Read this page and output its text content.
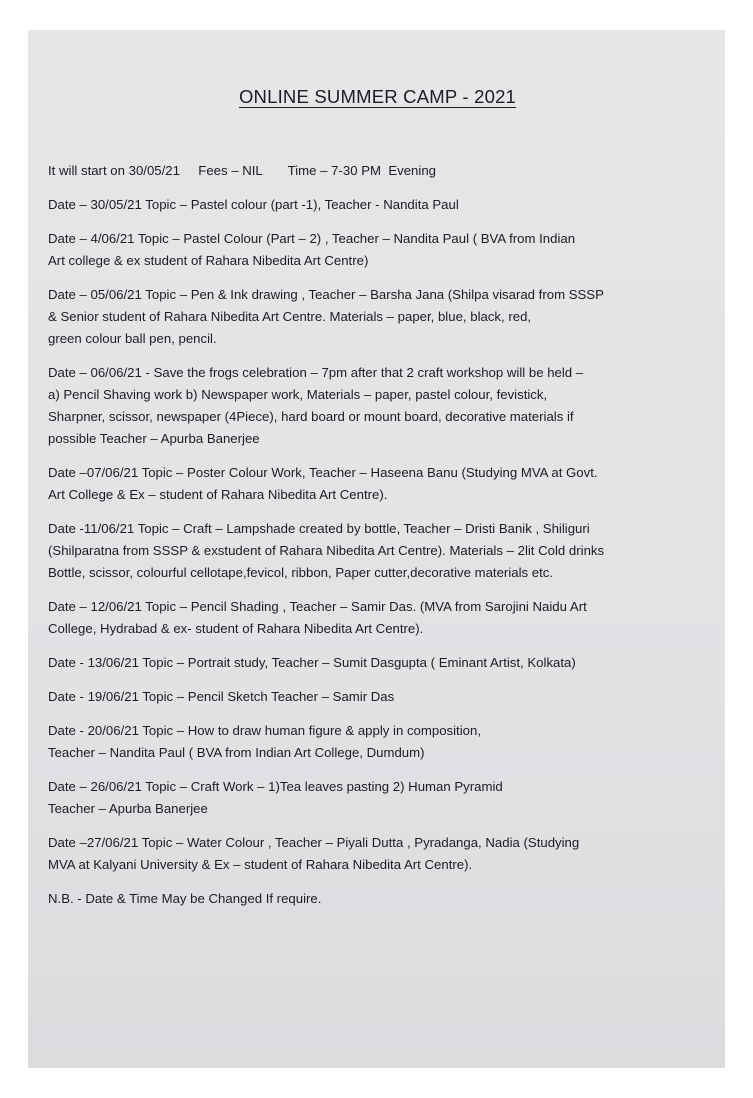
ONLINE SUMMER CAMP - 2021
It will start on 30/05/21     Fees – NIL       Time – 7-30 PM  Evening
Date – 30/05/21 Topic – Pastel colour (part -1), Teacher - Nandita Paul
Date – 4/06/21 Topic – Pastel Colour (Part – 2) , Teacher – Nandita Paul ( BVA from Indian
Art college & ex student of Rahara Nibedita Art Centre)
Date – 05/06/21 Topic – Pen & Ink drawing , Teacher – Barsha Jana (Shilpa visarad from SSSP
& Senior student of Rahara Nibedita Art Centre. Materials – paper, blue, black, red,
green colour ball pen, pencil.
Date – 06/06/21 - Save the frogs celebration – 7pm after that 2 craft workshop will be held –
a) Pencil Shaving work b) Newspaper work, Materials – paper, pastel colour, fevistick,
Sharpner, scissor, newspaper (4Piece), hard board or mount board, decorative materials if
possible Teacher – Apurba Banerjee
Date –07/06/21 Topic – Poster Colour Work, Teacher – Haseena Banu (Studying MVA at Govt.
Art College & Ex – student of Rahara Nibedita Art Centre).
Date -11/06/21 Topic – Craft – Lampshade created by bottle, Teacher – Dristi Banik , Shiliguri
(Shilparatna from SSSP & exstudent of Rahara Nibedita Art Centre). Materials – 2lit Cold drinks
Bottle, scissor, colourful cellotape,fevicol, ribbon, Paper cutter,decorative materials etc.
Date – 12/06/21 Topic – Pencil Shading , Teacher – Samir Das. (MVA from Sarojini Naidu Art
College, Hydrabad & ex- student of Rahara Nibedita Art Centre).
Date - 13/06/21 Topic – Portrait study, Teacher – Sumit Dasgupta ( Eminant Artist, Kolkata)
Date - 19/06/21 Topic – Pencil Sketch Teacher – Samir Das
Date - 20/06/21 Topic – How to draw human figure & apply in composition,
Teacher – Nandita Paul ( BVA from Indian Art College, Dumdum)
Date – 26/06/21 Topic – Craft Work – 1)Tea leaves pasting 2) Human Pyramid
Teacher – Apurba Banerjee
Date –27/06/21 Topic – Water Colour , Teacher – Piyali Dutta , Pyradanga, Nadia (Studying
MVA at Kalyani University & Ex – student of Rahara Nibedita Art Centre).
N.B. - Date & Time May be Changed If require.
